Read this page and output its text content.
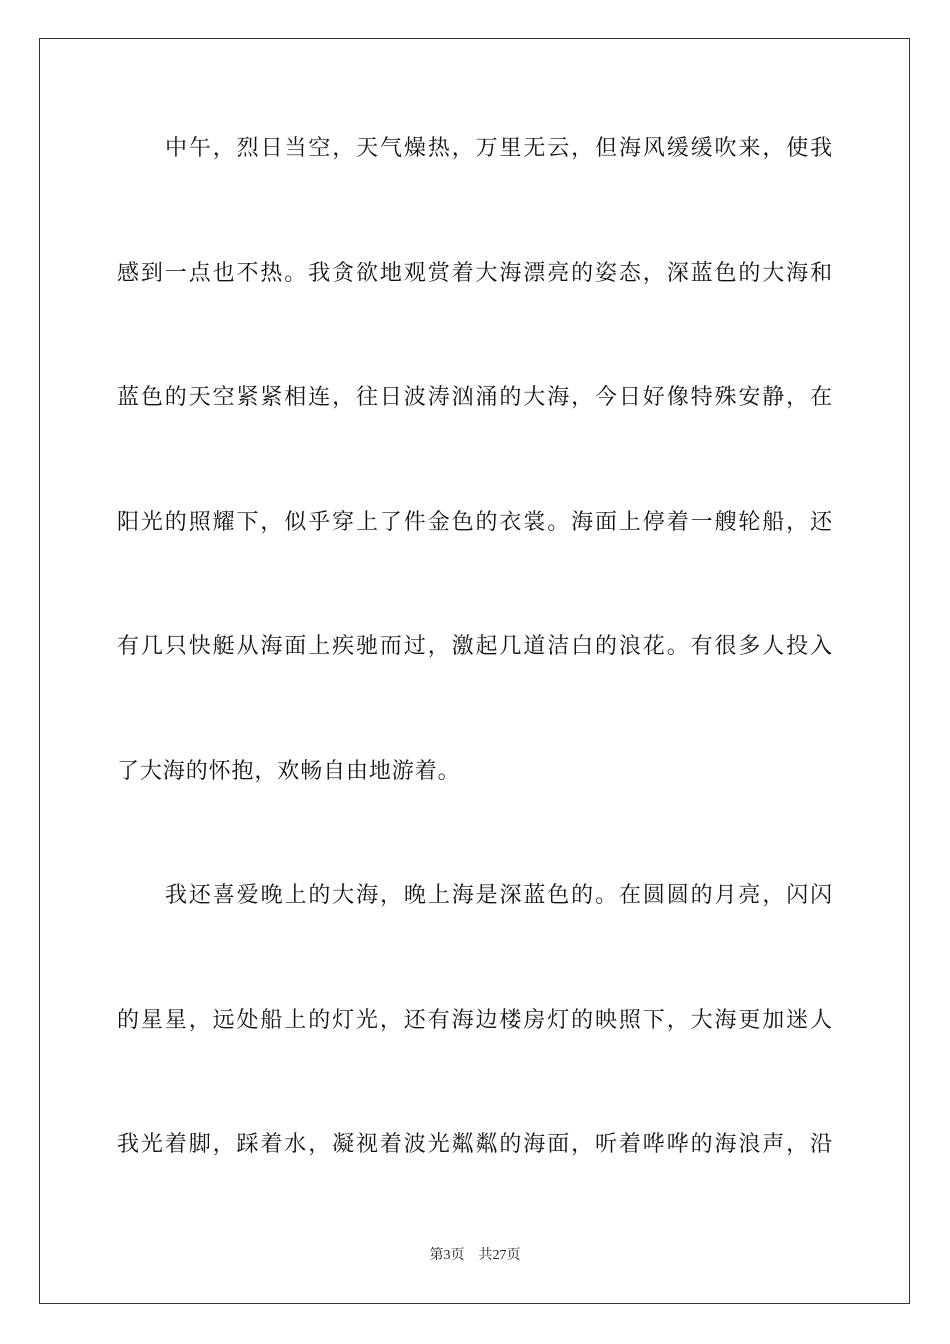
中午，烈日当空，天气燥热，万里无云，但海风缓缓吹来，使我
感到一点也不热。我贪欲地观赏着大海漂亮的姿态，深蓝色的大海和
蓝色的天空紧紧相连，往日波涛汹涌的大海，今日好像特殊安静，在
阳光的照耀下，似乎穿上了件金色的衣裳。海面上停着一艘轮船，还
有几只快艇从海面上疾驰而过，激起几道洁白的浪花。有很多人投入
了大海的怀抱，欢畅自由地游着。
我还喜爱晚上的大海，晚上海是深蓝色的。在圆圆的月亮，闪闪
的星星，远处船上的灯光，还有海边楼房灯的映照下，大海更加迷人
我光着脚，踩着水，凝视着波光粼粼的海面，听着哗哗的海浪声，沿
第3页 共27页
